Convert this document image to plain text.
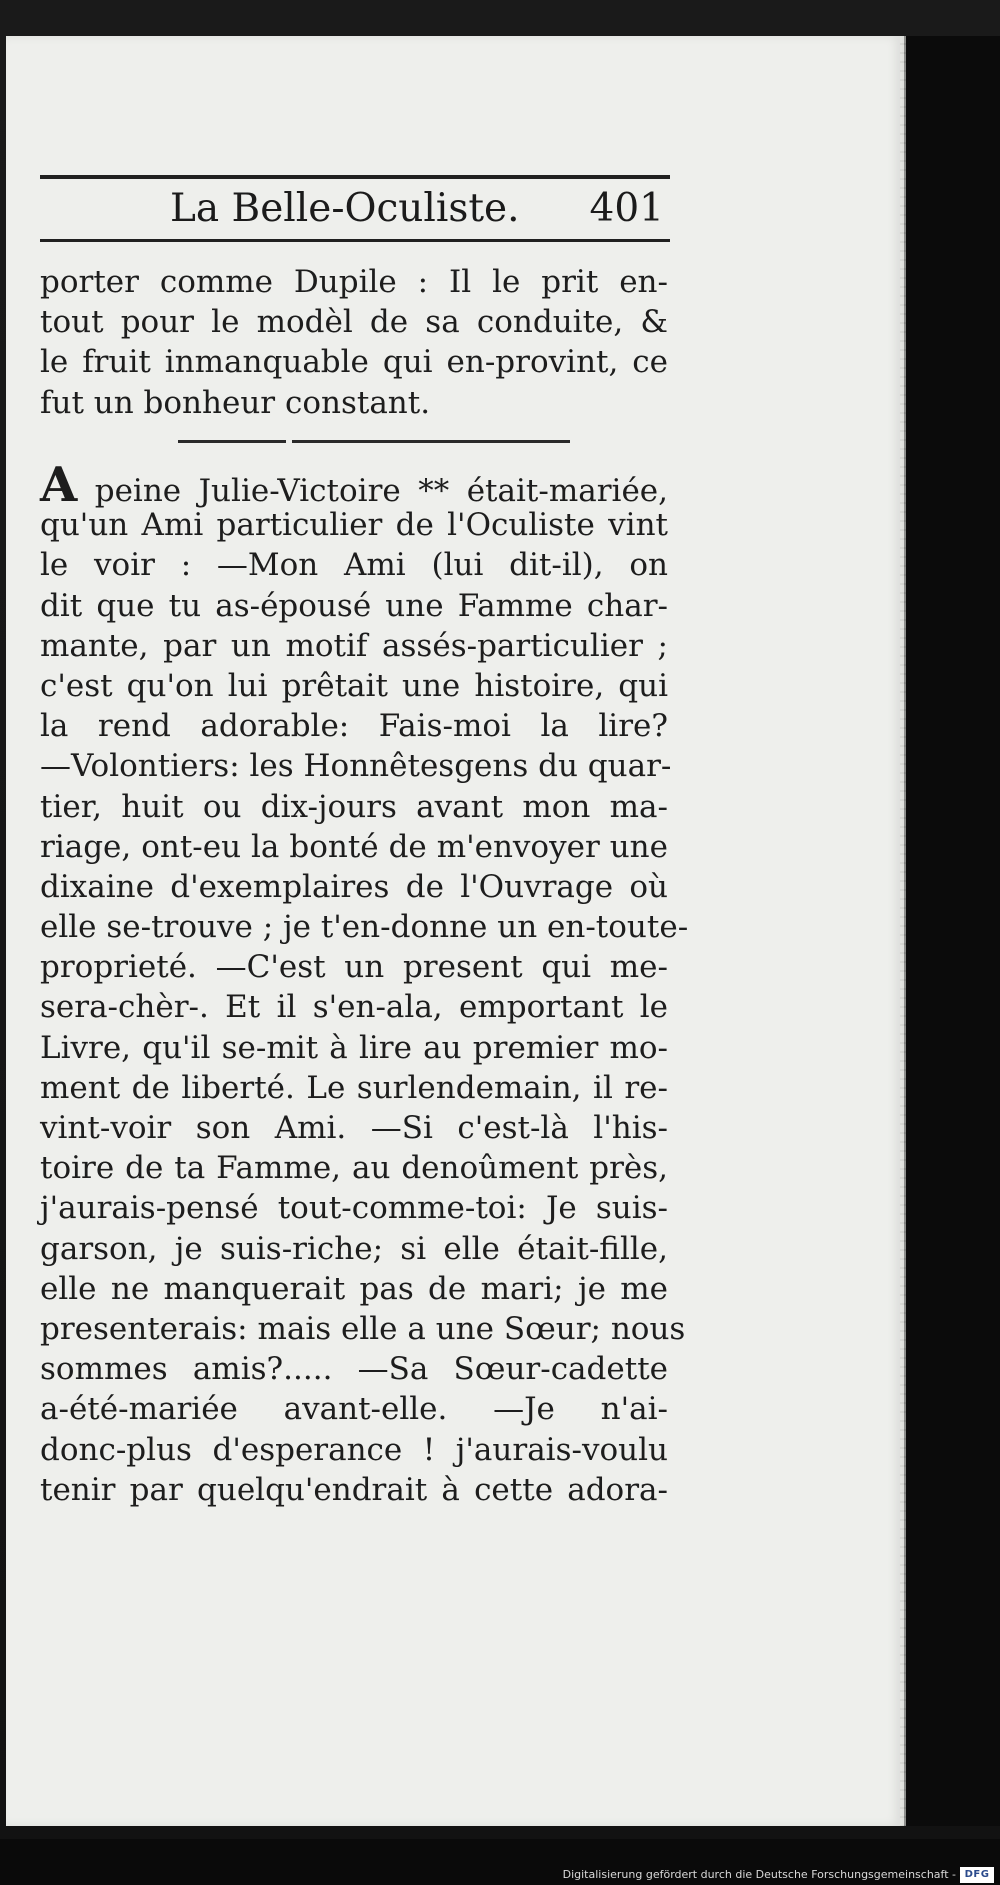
La Belle-Oculiste. 401
porter comme Dupile : Il le prit en-
tout pour le modèl de sa conduite, &
le fruit inmanquable qui en-provint, ce
fut un bonheur constant.
A peine Julie-Victoire ** était-mariée,
qu'un Ami particulier de l'Oculiste vint
le voir : —Mon Ami (lui dit-il), on
dit que tu as-épousé une Famme char-
mante, par un motif assés-particulier ;
c'est qu'on lui prêtait une histoire, qui
la rend adorable: Fais-moi la lire?
—Volontiers: les Honnêtesgens du quar-
tier, huit ou dix-jours avant mon ma-
riage, ont-eu la bonté de m'envoyer une
dixaine d'exemplaires de l'Ouvrage où
elle se-trouve ; je t'en-donne un en-toute-
proprieté. —C'est un present qui me-
sera-chèr-. Et il s'en-ala, emportant le
Livre, qu'il se-mit à lire au premier mo-
ment de liberté. Le surlendemain, il re-
vint-voir son Ami. —Si c'est-là l'his-
toire de ta Famme, au denoûment près,
j'aurais-pensé tout-comme-toi: Je suis-
garson, je suis-riche; si elle était-fille,
elle ne manquerait pas de mari; je me
presenterais: mais elle a une Sœur; nous
sommes amis?..... —Sa Sœur-cadette
a-été-mariée avant-elle. —Je n'ai-
donc-plus d'esperance ! j'aurais-voulu
tenir par quelqu'endrait à cette adora-
Digitalisierung gefördert durch die Deutsche Forschungsgemeinschaft - DFG
